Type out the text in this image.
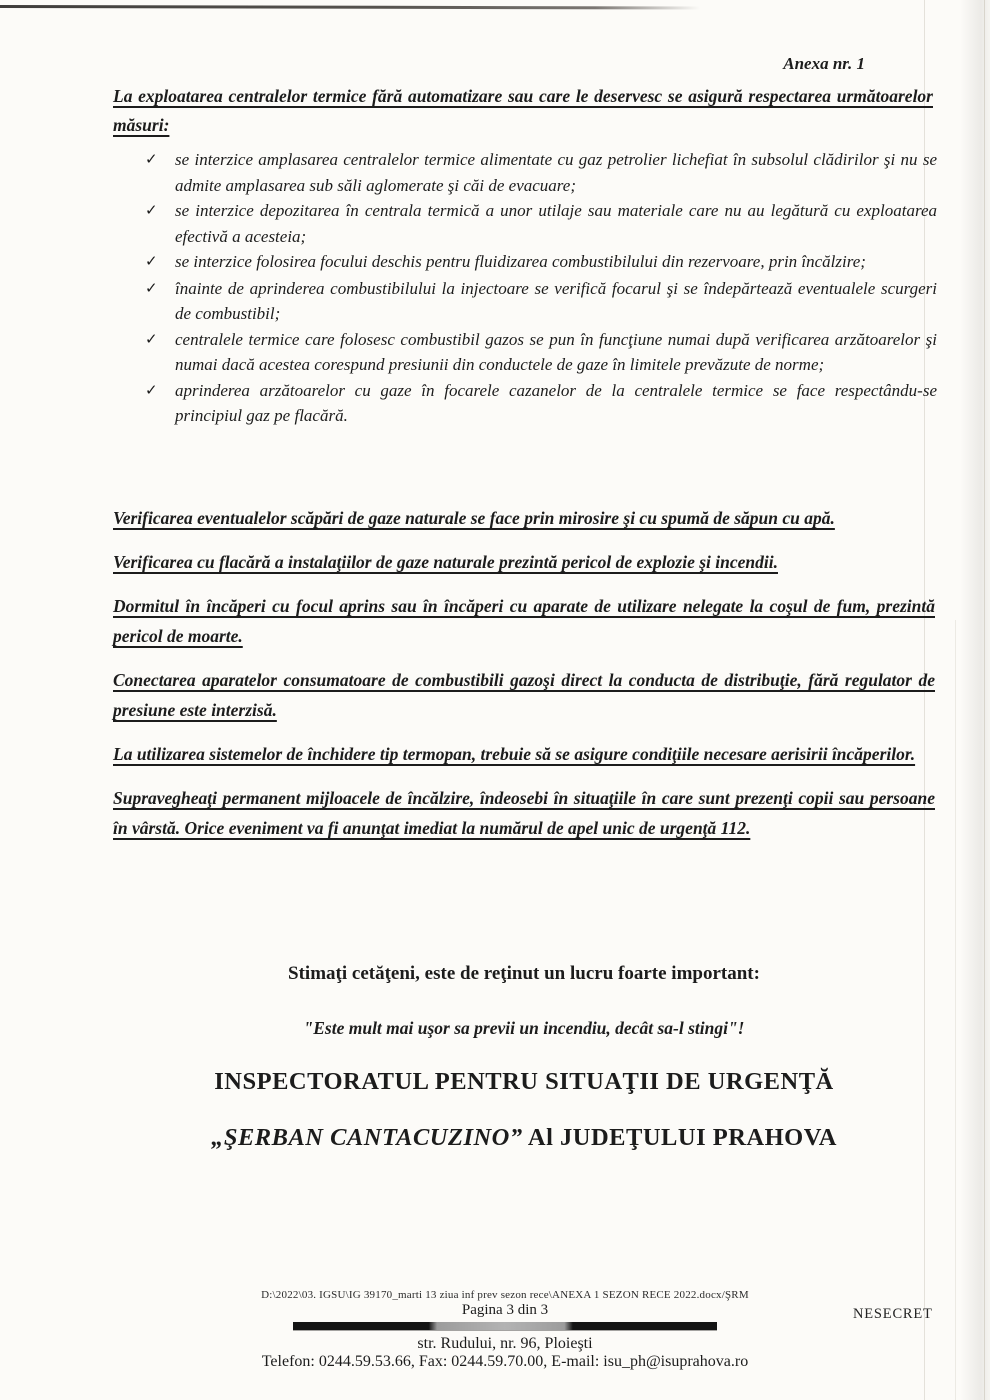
Anexa nr. 1
La exploatarea centralelor termice fără automatizare sau care le deservesc se asigură respectarea următoarelor măsuri:
✓	se interzice amplasarea centralelor termice alimentate cu gaz petrolier lichefiat în subsolul clădirilor şi nu se admite amplasarea sub săli aglomerate şi căi de evacuare;
✓	se interzice depozitarea în centrala termică a unor utilaje sau materiale care nu au legătură cu exploatarea efectivă a acesteia;
✓	se interzice folosirea focului deschis pentru fluidizarea combustibilului din rezervoare, prin încălzire;
✓	înainte de aprinderea combustibilului la injectoare se verifică focarul şi se îndepărtează eventualele scurgeri de combustibil;
✓	centralele termice care folosesc combustibil gazos se pun în funcţiune numai după verificarea arzătoarelor şi numai dacă acestea corespund presiunii din conductele de gaze în limitele prevăzute de norme;
✓	aprinderea arzătoarelor cu gaze în focarele cazanelor de la centralele termice se face respectându-se principiul gaz pe flacără.

Verificarea eventualelor scăpări de gaze naturale se face prin mirosire şi cu spumă de săpun cu apă.

Verificarea cu flacără a instalaţiilor de gaze naturale prezintă pericol de explozie şi incendii.

Dormitul în încăperi cu focul aprins sau în încăperi cu aparate de utilizare nelegate la coşul de fum, prezintă pericol de moarte.

Conectarea aparatelor consumatoare de combustibili gazoşi direct la conducta de distribuţie, fără regulator de presiune este interzisă.

La utilizarea sistemelor de închidere tip termopan, trebuie să se asigure condiţiile necesare aerisirii încăperilor.

Supravegheaţi permanent mijloacele de încălzire, îndeosebi în situaţiile în care sunt prezenţi copii sau persoane în vârstă. Orice eveniment va fi anunţat imediat la numărul de apel unic de urgenţă 112.

Stimaţi cetăţeni, este de reţinut un lucru foarte important:
"Este mult mai uşor sa previi un incendiu, decât sa-l stingi"!
INSPECTORATUL PENTRU SITUAŢII DE URGENŢĂ
„ŞERBAN CANTACUZINO” Al JUDEŢULUI PRAHOVA
D:\2022\03. IGSU\IG 39170_marti 13 ziua inf prev sezon rece\ANEXA 1 SEZON RECE 2022.docx/ŞRM
Pagina 3 din 3
str. Rudului, nr. 96, Ploieşti
Telefon: 0244.59.53.66, Fax: 0244.59.70.00, E-mail: isu_ph@isuprahova.ro
NESECRET
